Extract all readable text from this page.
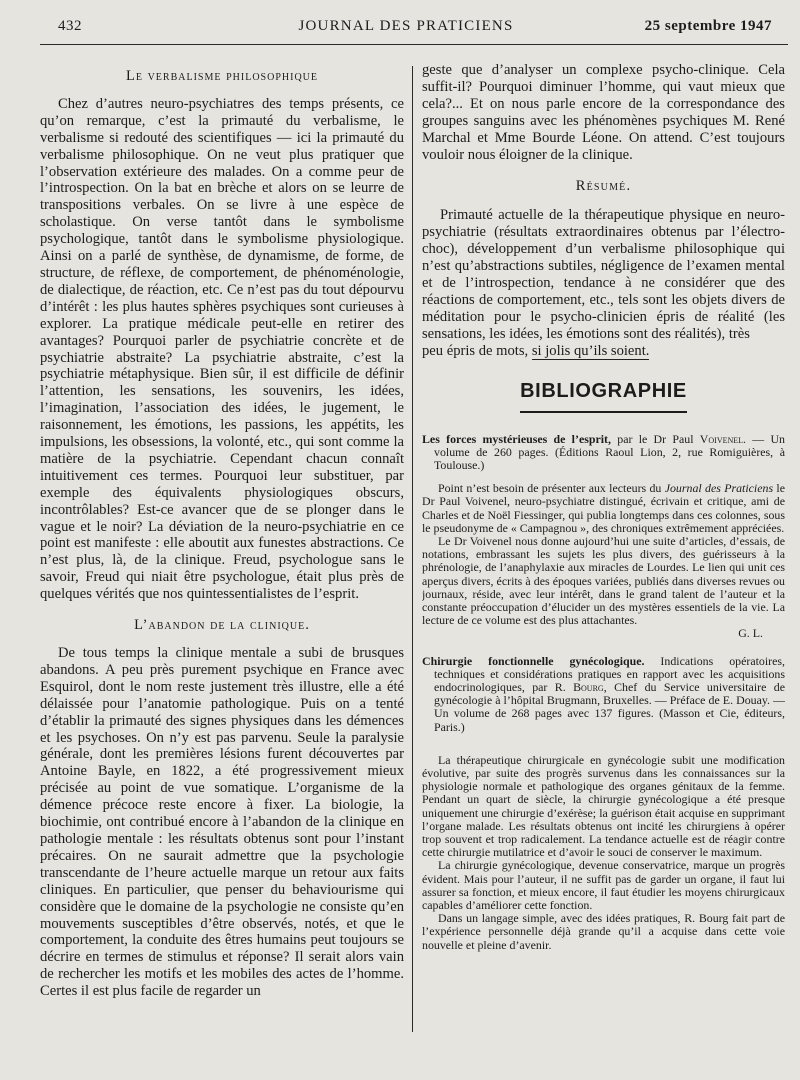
432	JOURNAL DES PRATICIENS	25 septembre 1947
Le verbalisme philosophique

Chez d’autres neuro-psychiatres des temps présents, ce qu’on remarque, c’est la primauté du verbalisme, le verbalisme si redouté des scientifiques — ici la primauté du verbalisme philosophique. On ne veut plus pratiquer que l’observation extérieure des malades. On a comme peur de l’introspection. On la bat en brèche et alors on se leurre de transpositions verbales. On se livre à une espèce de scholastique. On verse tantôt dans le symbolisme psychologique, tantôt dans le symbolisme physiologique. Ainsi on a parlé de synthèse, de dynamisme, de forme, de structure, de réflexe, de comportement, de phénoménologie, de dialectique, de réaction, etc. Ce n’est pas du tout dépourvu d’intérêt : les plus hautes sphères psychiques sont curieuses à explorer. La pratique médicale peut-elle en retirer des avantages? Pourquoi parler de psychiatrie concrète et de psychiatrie abstraite? La psychiatrie abstraite, c’est la psychiatrie métaphysique. Bien sûr, il est difficile de définir l’attention, les sensations, les souvenirs, les idées, l’imagination, l’association des idées, le jugement, le raisonnement, les émotions, les passions, les appétits, les impulsions, les obsessions, la volonté, etc., qui sont comme la matière de la psychiatrie. Cependant chacun connaît intuitivement ces termes. Pourquoi leur substituer, par exemple des équivalents physiologiques obscurs, incontrôlables? Est-ce avancer que de se plonger dans le vague et le noir? La déviation de la neuro-psychiatrie en ce point est manifeste : elle aboutit aux funestes abstractions. Ce n’est plus, là, de la clinique. Freud, psychologue sans le savoir, Freud qui niait être psychologue, était plus près de quelques vérités que nos quintessentialistes de l’esprit.

L’abandon de la clinique.

De tous temps la clinique mentale a subi de brusques abandons. A peu près purement psychique en France avec Esquirol, dont le nom reste justement très illustre, elle a été délaissée pour l’anatomie pathologique. Puis on a tenté d’établir la primauté des signes physiques dans les démences et les psychoses. On n’y est pas parvenu. Seule la paralysie générale, dont les premières lésions furent découvertes par Antoine Bayle, en 1822, a été progressivement mieux précisée au point de vue somatique. L’organisme de la démence précoce reste encore à fixer. La biologie, la biochimie, ont contribué encore à l’abandon de la clinique en pathologie mentale : les résultats obtenus sont pour l’instant précaires. On ne saurait admettre que la psychologie transcendante de l’heure actuelle marque un retour aux faits cliniques. En particulier, que penser du behaviourisme qui considère que le domaine de la psychologie ne consiste qu’en mouvements susceptibles d’être observés, notés, et que le comportement, la conduite des êtres humains peut toujours se décrire en termes de stimulus et réponse? Il serait alors vain de rechercher les motifs et les mobiles des actes de l’homme. Certes il est plus facile de regarder un

geste que d’analyser un complexe psycho-clinique. Cela suffit-il? Pourquoi diminuer l’homme, qui vaut mieux que cela?... Et on nous parle encore de la correspondance des groupes sanguins avec les phénomènes psychiques M. René Marchal et Mme Bourde Léone. On attend. C’est toujours vouloir nous éloigner de la clinique.

Résumé.

Primauté actuelle de la thérapeutique physique en neuro-psychiatrie (résultats extraordinaires obtenus par l’électro-choc), développement d’un verbalisme philosophique qui n’est qu’abstractions subtiles, négligence de l’examen mental et de l’introspection, tendance à ne considérer que des réactions de comportement, etc., tels sont les objets divers de méditation pour le psycho-clinicien épris de réalité (les sensations, les idées, les émotions sont des réalités), très

peu épris de mots, si jolis qu’ils soient.

BIBLIOGRAPHIE

Les forces mystérieuses de l’esprit, par le Dr Paul Voivenel. — Un volume de 260 pages. (Éditions Raoul Lion, 2, rue Romiguières, à Toulouse.)

Point n’est besoin de présenter aux lecteurs du Journal des Praticiens le Dr Paul Voivenel, neuro-psychiatre distingué, écrivain et critique, ami de Charles et de Noël Fiessinger, qui publia longtemps dans ces colonnes, sous le pseudonyme de « Campagnou », des chroniques extrêmement appréciées.

Le Dr Voivenel nous donne aujourd’hui une suite d’articles, d’essais, de notations, embrassant les sujets les plus divers, des guérisseurs à la phrénologie, de l’anaphylaxie aux miracles de Lourdes. Le lien qui unit ces aperçus divers, écrits à des époques variées, publiés dans diverses revues ou journaux, réside, avec leur intérêt, dans le grand talent de l’auteur et la constante préoccupation d’élucider un des mystères essentiels de la vie. La lecture de ce volume est des plus attachantes.

G. L.

Chirurgie fonctionnelle gynécologique. Indications opératoires, techniques et considérations pratiques en rapport avec les acquisitions endocrinologiques, par R. Bourg, Chef du Service universitaire de gynécologie à l’hôpital Brugmann, Bruxelles. — Préface de E. Douay. — Un volume de 268 pages avec 137 figures. (Masson et Cie, éditeurs, Paris.)

La thérapeutique chirurgicale en gynécologie subit une modification évolutive, par suite des progrès survenus dans les connaissances sur la physiologie normale et pathologique des organes génitaux de la femme. Pendant un quart de siècle, la chirurgie gynécologique a été presque uniquement une chirurgie d’exérèse; la guérison était acquise en supprimant l’organe malade. Les résultats obtenus ont incité les chirurgiens à opérer trop souvent et trop radicalement. La tendance actuelle est de réagir contre cette chirurgie mutilatrice et d’avoir le souci de conserver le maximum.

La chirurgie gynécologique, devenue conservatrice, marque un progrès évident. Mais pour l’auteur, il ne suffit pas de garder un organe, il faut lui assurer sa fonction, et mieux encore, il faut étudier les moyens chirurgicaux capables d’améliorer cette fonction.

Dans un langage simple, avec des idées pratiques, R. Bourg fait part de l’expérience personnelle déjà grande qu’il a acquise dans cette voie nouvelle et pleine d’avenir.
